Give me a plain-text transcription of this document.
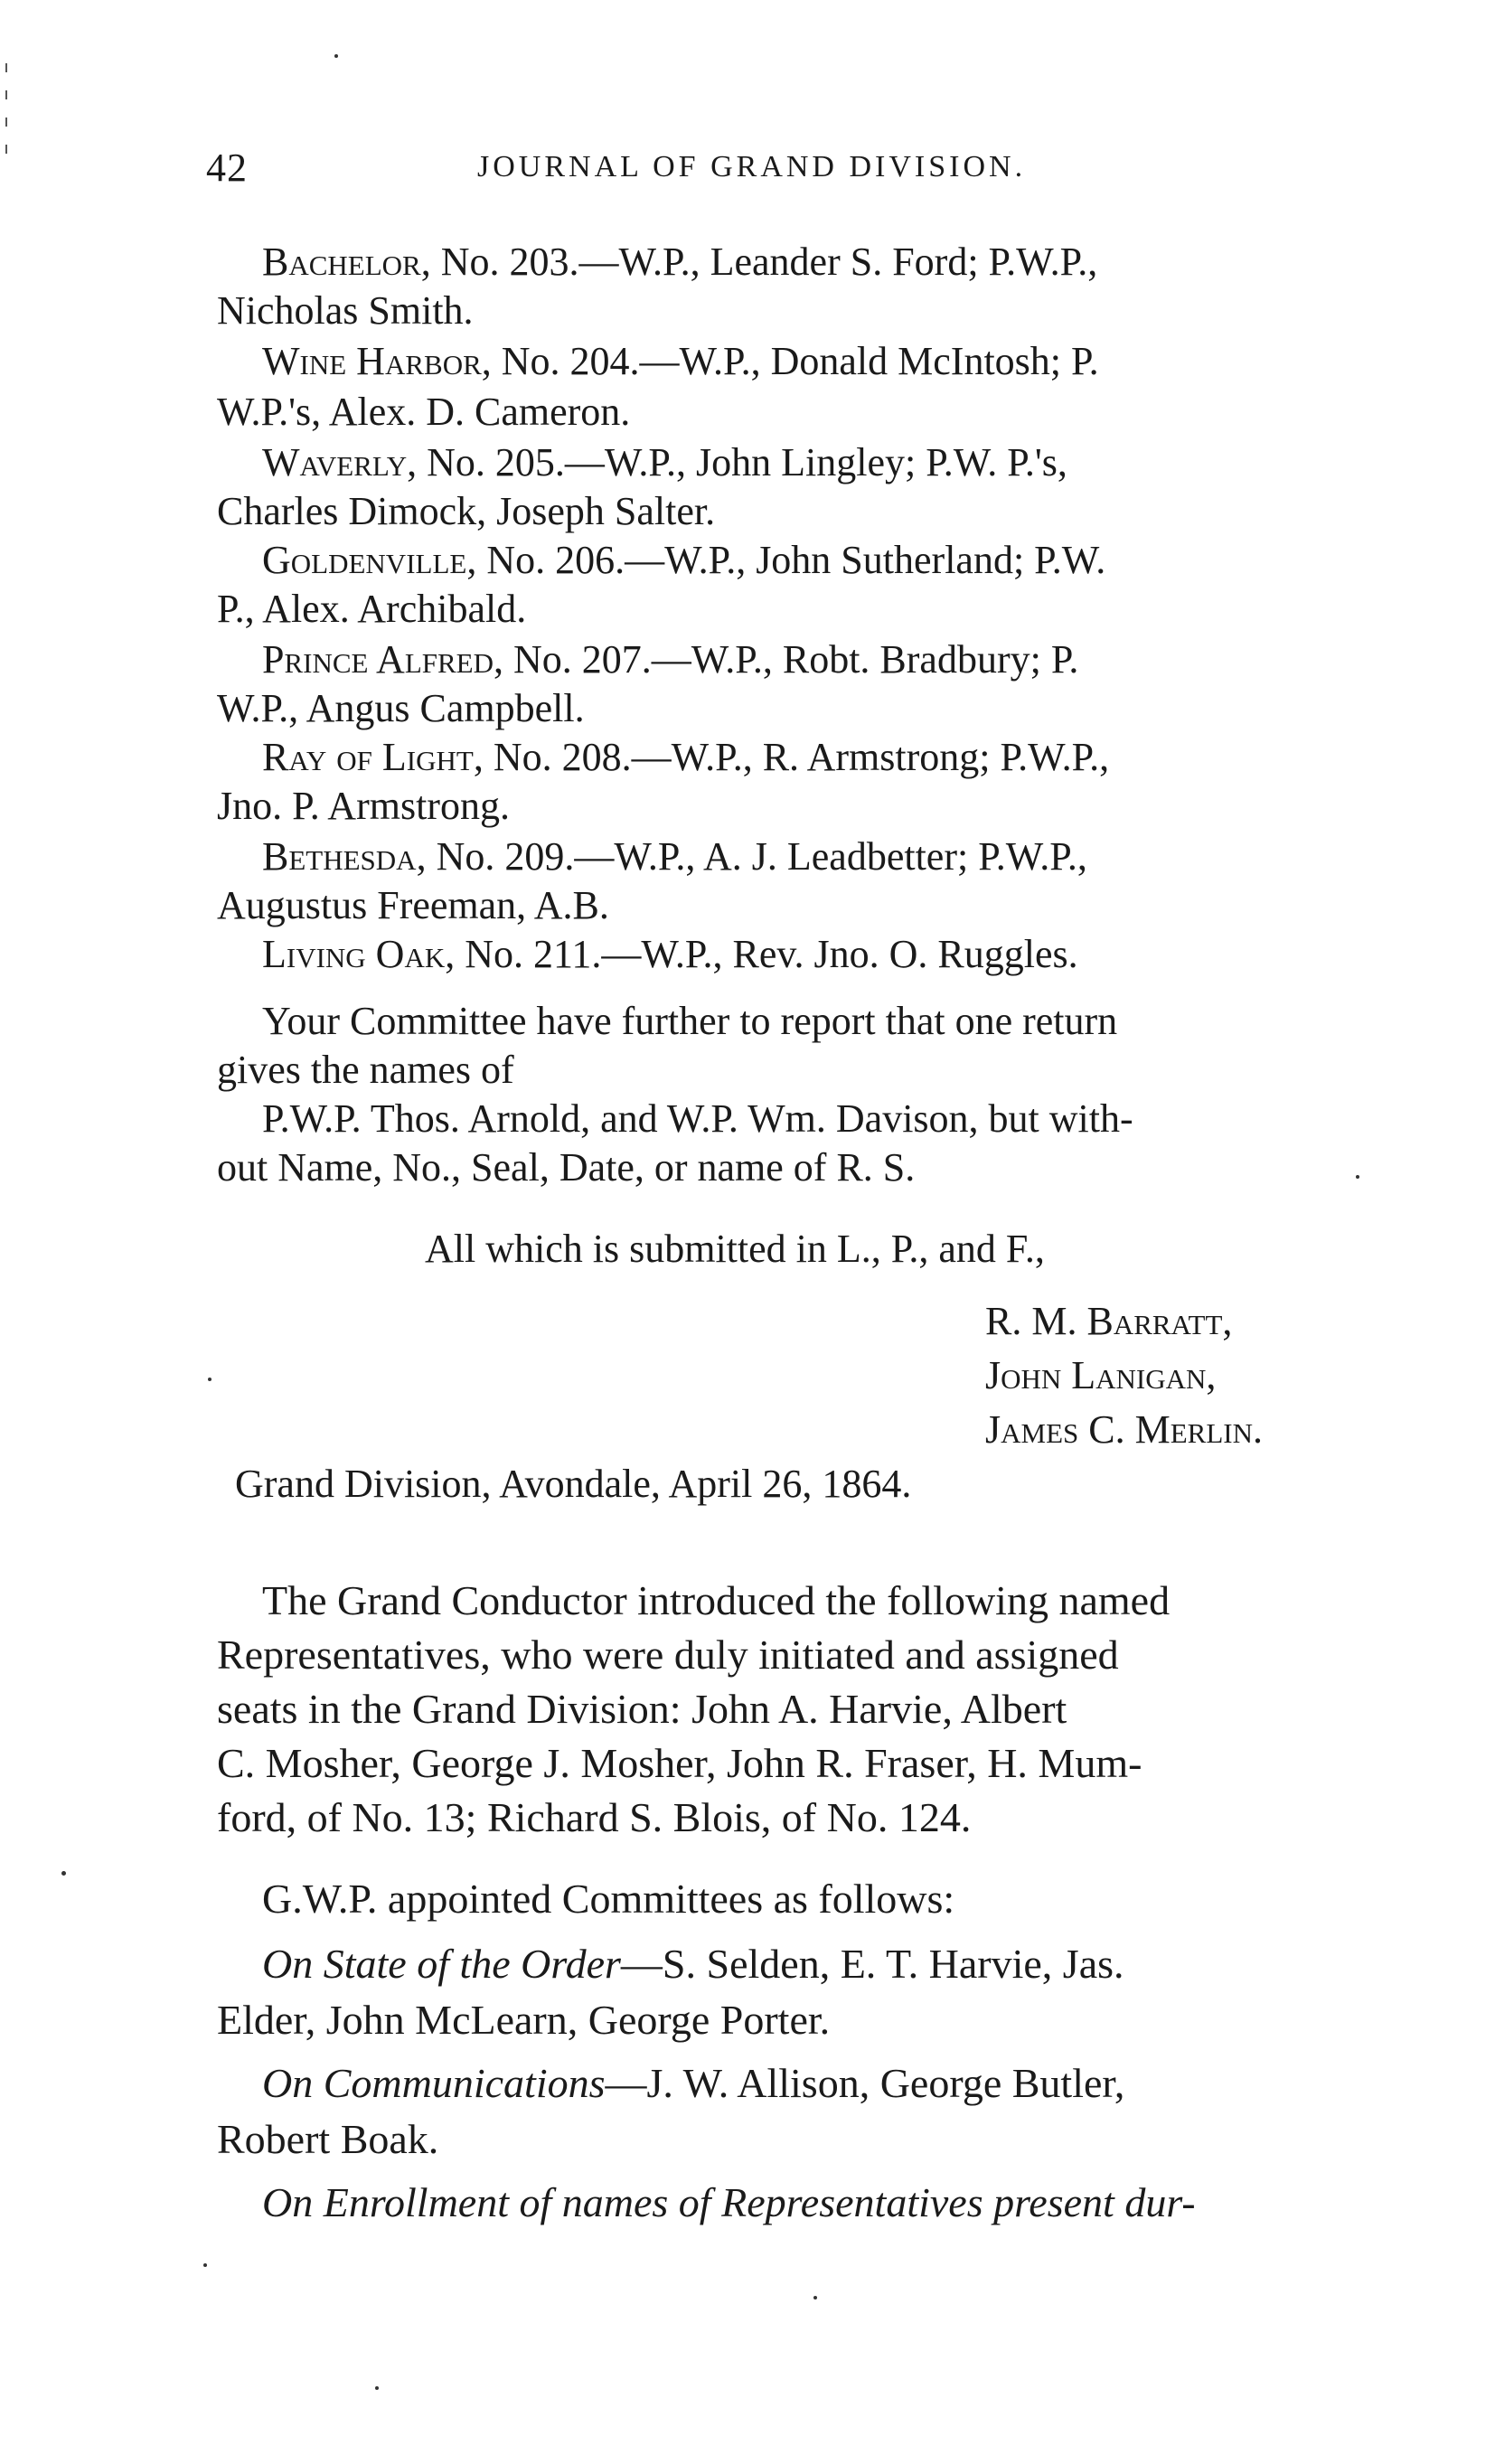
42	JOURNAL OF GRAND DIVISION.
Bachelor, No. 203.—W.P., Leander S. Ford; P.W.P.,
Nicholas Smith.
Wine Harbor, No. 204.—W.P., Donald McIntosh; P.
W.P.'s, Alex. D. Cameron.
Waverly, No. 205.—W.P., John Lingley; P.W. P.'s,
Charles Dimock, Joseph Salter.
Goldenville, No. 206.—W.P., John Sutherland; P.W.
P., Alex. Archibald.
Prince Alfred, No. 207.—W.P., Robt. Bradbury; P.
W.P., Angus Campbell.
Ray of Light, No. 208.—W.P., R. Armstrong; P.W.P.,
Jno. P. Armstrong.
Bethesda, No. 209.—W.P., A. J. Leadbetter; P.W.P.,
Augustus Freeman, A.B.
Living Oak, No. 211.—W.P., Rev. Jno. O. Ruggles.
Your Committee have further to report that one return
gives the names of
P.W.P. Thos. Arnold, and W.P. Wm. Davison, but with-
out Name, No., Seal, Date, or name of R. S.
All which is submitted in L., P., and F.,
R. M. Barratt,
John Lanigan,
James C. Merlin.
Grand Division, Avondale, April 26, 1864.
The Grand Conductor introduced the following named
Representatives, who were duly initiated and assigned
seats in the Grand Division: John A. Harvie, Albert
C. Mosher, George J. Mosher, John R. Fraser, H. Mum-
ford, of No. 13; Richard S. Blois, of No. 124.
G.W.P. appointed Committees as follows:
On State of the Order—S. Selden, E. T. Harvie, Jas.
Elder, John McLearn, George Porter.
On Communications—J. W. Allison, George Butler,
Robert Boak.
On Enrollment of names of Representatives present dur-
